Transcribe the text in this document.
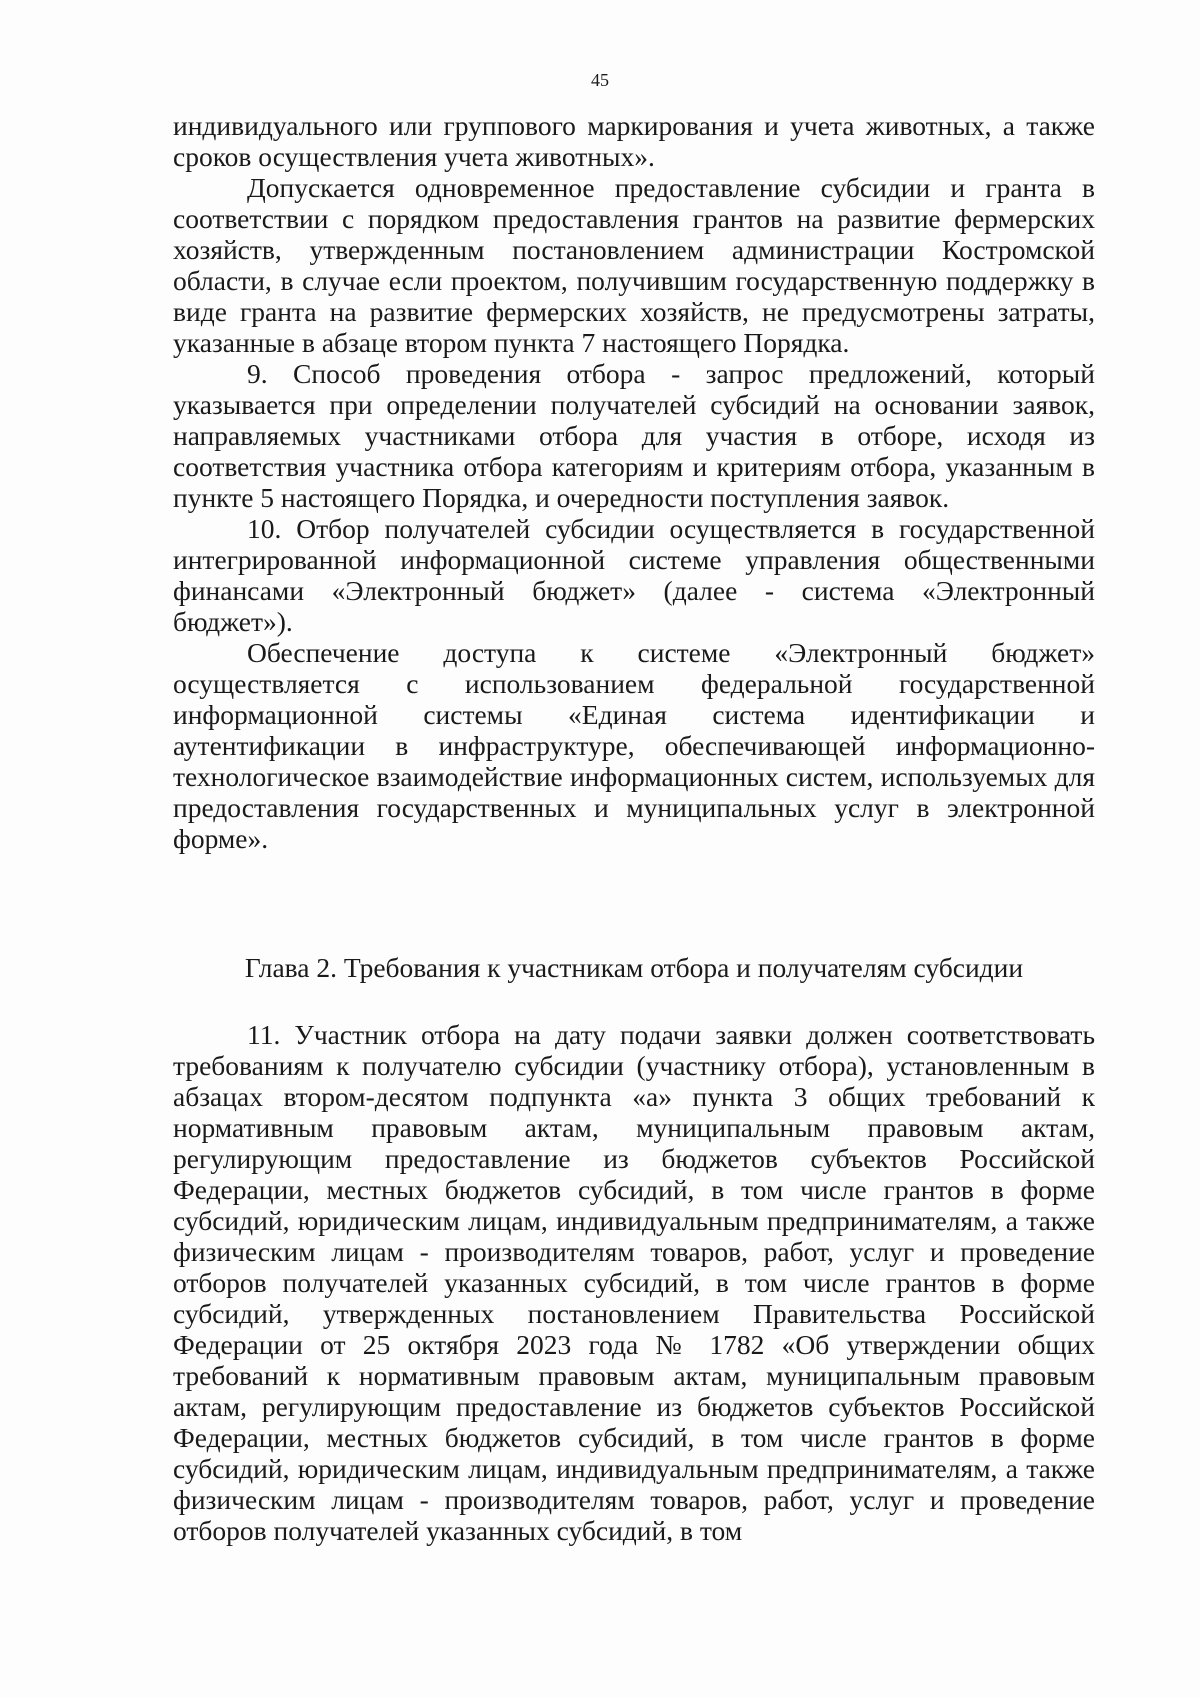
45

индивидуального или группового маркирования и учета животных, а также сроков осуществления учета животных».

Допускается одновременное предоставление субсидии и гранта в соответствии с порядком предоставления грантов на развитие фермерских хозяйств, утвержденным постановлением администрации Костромской области, в случае если проектом, получившим государственную поддержку в виде гранта на развитие фермерских хозяйств, не предусмотрены затраты, указанные в абзаце втором пункта 7 настоящего Порядка.

9. Способ проведения отбора - запрос предложений, который указывается при определении получателей субсидий на основании заявок, направляемых участниками отбора для участия в отборе, исходя из соответствия участника отбора категориям и критериям отбора, указанным в пункте 5 настоящего Порядка, и очередности поступления заявок.

10. Отбор получателей субсидии осуществляется в государственной интегрированной информационной системе управления общественными финансами «Электронный бюджет» (далее - система «Электронный бюджет»).

Обеспечение доступа к системе «Электронный бюджет» осуществляется с использованием федеральной государственной информационной системы «Единая система идентификации и аутентификации в инфраструктуре, обеспечивающей информационно-технологическое взаимодействие информационных систем, используемых для предоставления государственных и муниципальных услуг в электронной форме».

Глава 2. Требования к участникам отбора и получателям субсидии

11. Участник отбора на дату подачи заявки должен соответствовать требованиям к получателю субсидии (участнику отбора), установленным в абзацах втором-десятом подпункта «а» пункта 3 общих требований к нормативным правовым актам, муниципальным правовым актам, регулирующим предоставление из бюджетов субъектов Российской Федерации, местных бюджетов субсидий, в том числе грантов в форме субсидий, юридическим лицам, индивидуальным предпринимателям, а также физическим лицам - производителям товаров, работ, услуг и проведение отборов получателей указанных субсидий, в том числе грантов в форме субсидий, утвержденных постановлением Правительства Российской Федерации от 25 октября 2023 года № 1782 «Об утверждении общих требований к нормативным правовым актам, муниципальным правовым актам, регулирующим предоставление из бюджетов субъектов Российской Федерации, местных бюджетов субсидий, в том числе грантов в форме субсидий, юридическим лицам, индивидуальным предпринимателям, а также физическим лицам - производителям товаров, работ, услуг и проведение отборов получателей указанных субсидий, в том
